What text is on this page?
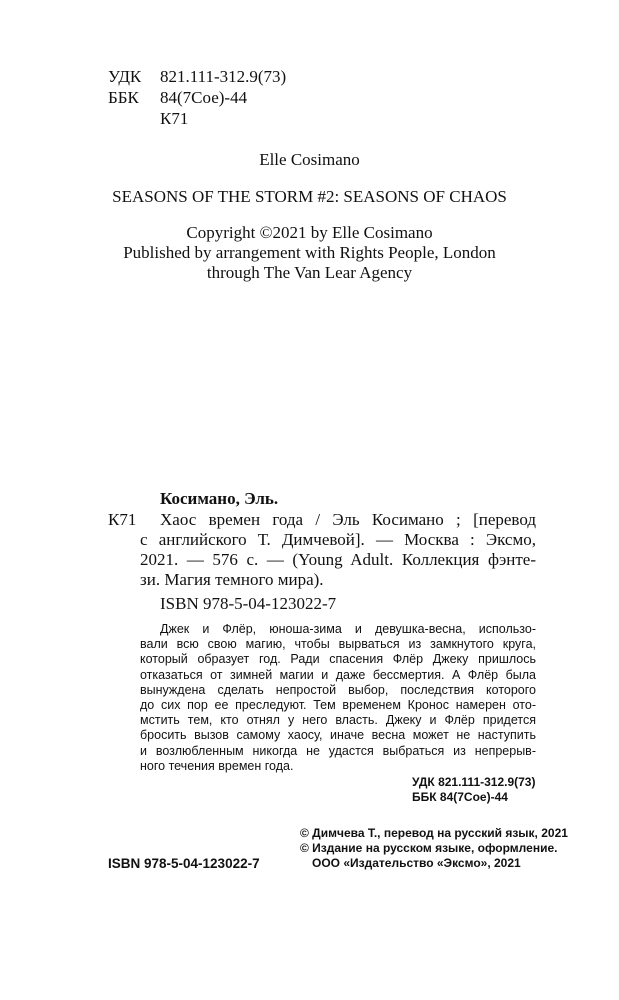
УДК 821.111-312.9(73)
ББК 84(7Сое)-44
К71
Elle Cosimano
SEASONS OF THE STORM #2: SEASONS OF CHAOS
Copyright ©2021 by Elle Cosimano
Published by arrangement with Rights People, London
through The Van Lear Agency
Косимано, Эль.
К71	Хаос времен года / Эль Косимано ; [перевод
с английского Т. Димчевой]. — Москва : Эксмо,
2021. — 576 с. — (Young Adult. Коллекция фэнте-
зи. Магия темного мира).
ISBN 978-5-04-123022-7
Джек и Флёр, юноша-зима и девушка-весна, использо-
вали всю свою магию, чтобы вырваться из замкнутого круга,
который образует год. Ради спасения Флёр Джеку пришлось
отказаться от зимней магии и даже бессмертия. А Флёр была
вынуждена сделать непростой выбор, последствия которого
до сих пор ее преследуют. Тем временем Кронос намерен ото-
мстить тем, кто отнял у него власть. Джеку и Флёр придется
бросить вызов самому хаосу, иначе весна может не наступить
и возлюбленным никогда не удастся выбраться из непрерыв-
ного течения времен года.
УДК 821.111-312.9(73)
ББК 84(7Сое)-44
© Димчева Т., перевод на русский язык, 2021
© Издание на русском языке, оформление.
ООО «Издательство «Эксмо», 2021
ISBN 978-5-04-123022-7
